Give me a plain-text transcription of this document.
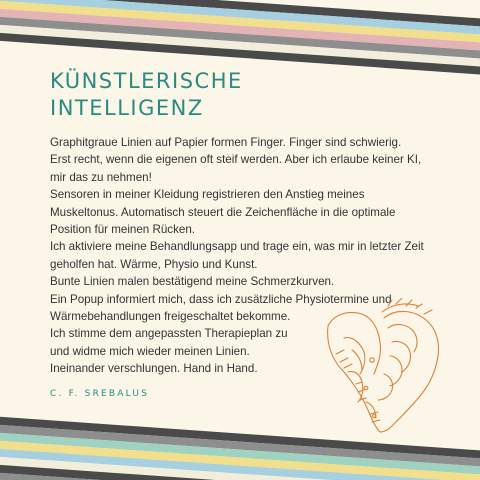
KÜNSTLERISCHE
INTELLIGENZ
Graphitgraue Linien auf Papier formen Finger. Finger sind schwierig.
Erst recht, wenn die eigenen oft steif werden. Aber ich erlaube keiner KI,
mir das zu nehmen!
Sensoren in meiner Kleidung registrieren den Anstieg meines
Muskeltonus. Automatisch steuert die Zeichenfläche in die optimale
Position für meinen Rücken.
Ich aktiviere meine Behandlungsapp und trage ein, was mir in letzter Zeit
geholfen hat. Wärme, Physio und Kunst.
Bunte Linien malen bestätigend meine Schmerzkurven.
Ein Popup informiert mich, dass ich zusätzliche Physiotermine und
Wärmebehandlungen freigeschaltet bekomme.
Ich stimme dem angepassten Therapieplan zu
und widme mich wieder meinen Linien.
Ineinander verschlungen. Hand in Hand.
C. F. SREBALUS
